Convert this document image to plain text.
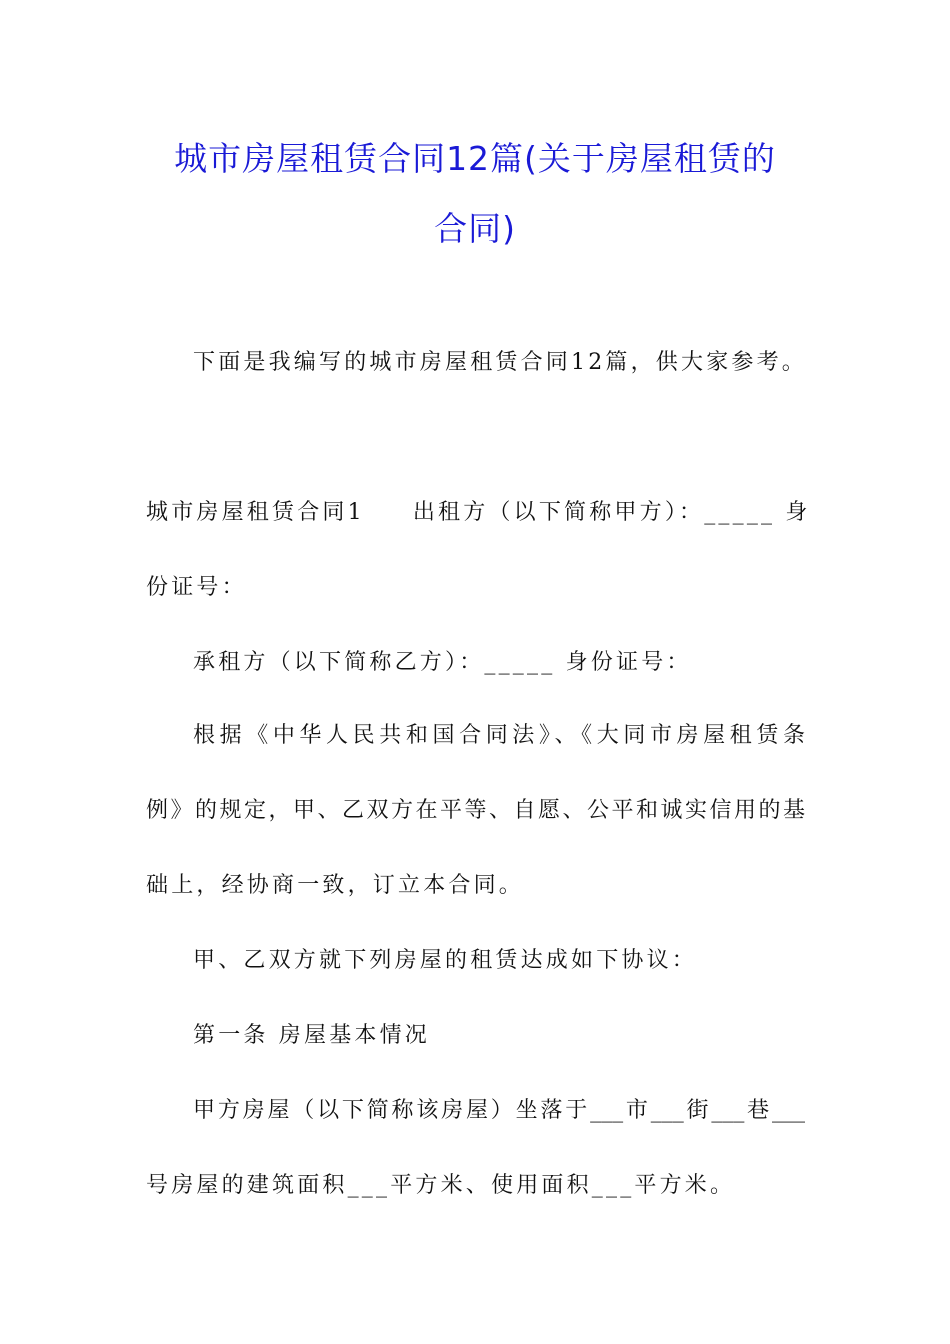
城市房屋租赁合同12篇(关于房屋租赁的
合同)
下面是我编写的城市房屋租赁合同12篇，供大家参考。
城市房屋租赁合同1 出租方（以下简称甲方）：_____ 身
份证号：
承租方（以下简称乙方）：_____ 身份证号：
根据《中华人民共和国合同法》、《大同市房屋租赁条
例》的规定，甲、乙双方在平等、自愿、公平和诚实信用的基
础上，经协商一致，订立本合同。
甲、乙双方就下列房屋的租赁达成如下协议：
第一条 房屋基本情况
甲方房屋（以下简称该房屋）坐落于___市___街___巷___
号房屋的建筑面积___平方米、使用面积___平方米。
